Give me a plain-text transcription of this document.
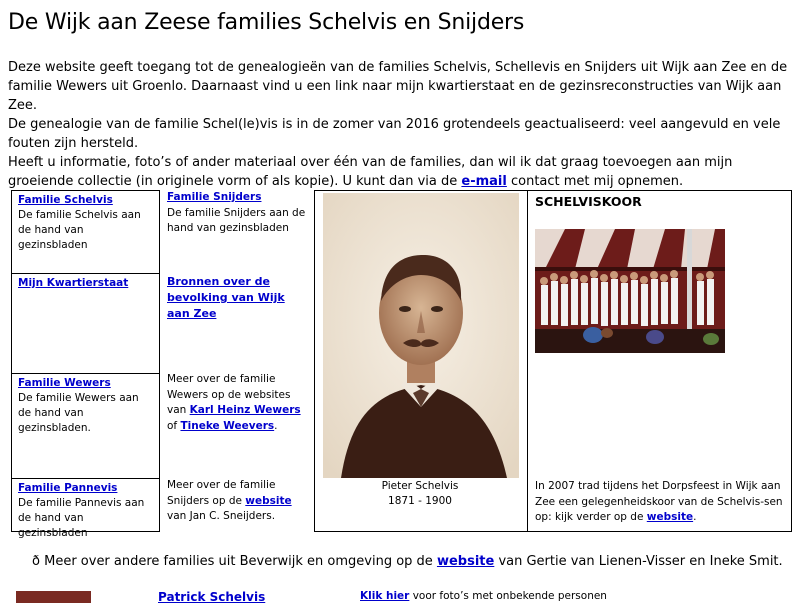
De Wijk aan Zeese families Schelvis en Snijders

Deze website geeft toegang tot de genealogieën van de families Schelvis, Schellevis en Snijders uit Wijk aan Zee en de familie Wewers uit Groenlo. Daarnaast vind u een link naar mijn kwartierstaat en de gezinsreconstructies van Wijk aan Zee.

De genealogie van de familie Schel(le)vis is in de zomer van 2016 grotendeels geactualiseerd: veel aangevuld en vele fouten zijn hersteld.

Heeft u informatie, foto’s of ander materiaal over één van de families, dan wil ik dat graag toevoegen aan mijn groeiende collectie (in originele vorm of als kopie). U kunt dan via de e-mail contact met mij opnemen.

Familie Schelvis
De familie Schelvis aan de hand van gezinsbladen
Mijn Kwartierstaat
Familie Wewers
De familie Wewers aan de hand van gezinsbladen.
Familie Pannevis
De familie Pannevis aan de hand van gezinsbladen
Familie Snijders
De familie Snijders aan de hand van gezinsbladen
Bronnen over de bevolking van Wijk aan Zee
Meer over de familie Wewers op de websites van Karl Heinz Wewers of Tineke Weevers.
Meer over de familie Snijders op de website van Jan C. Sneijders.
Pieter Schelvis
1871 - 1900
SCHELVISKOOR
In 2007 trad tijdens het Dorpsfeest in Wijk aan Zee een gelegenheidskoor van de Schelvis-sen op: kijk verder op de website.
ð Meer over andere families uit Beverwijk en omgeving op de website van Gertie van Lienen-Visser en Ineke Smit.
Patrick Schelvis	Klik hier voor foto’s met onbekende personen
